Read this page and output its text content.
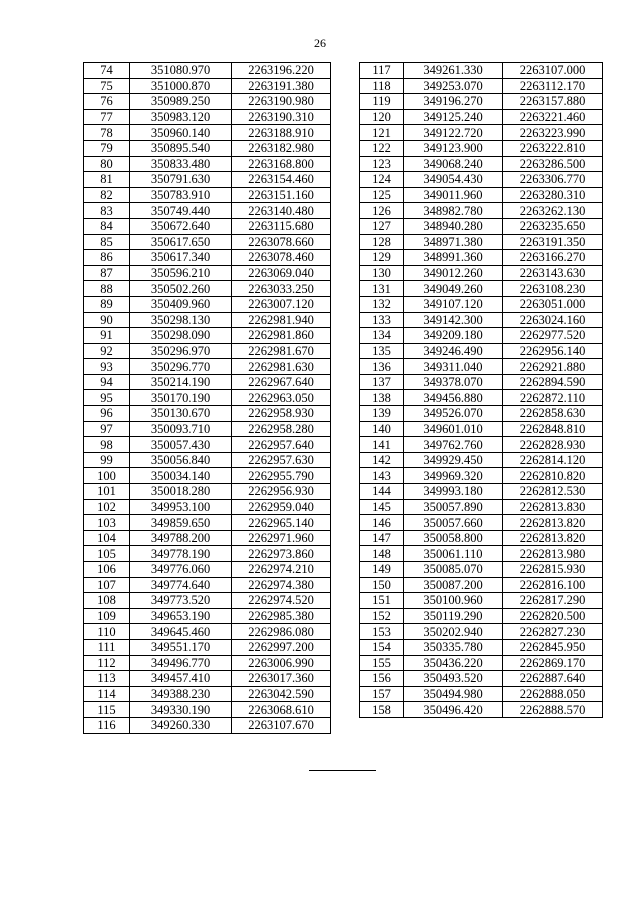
26
74	351080.970	2263196.220
75	351000.870	2263191.380
76	350989.250	2263190.980
77	350983.120	2263190.310
78	350960.140	2263188.910
79	350895.540	2263182.980
80	350833.480	2263168.800
81	350791.630	2263154.460
82	350783.910	2263151.160
83	350749.440	2263140.480
84	350672.640	2263115.680
85	350617.650	2263078.660
86	350617.340	2263078.460
87	350596.210	2263069.040
88	350502.260	2263033.250
89	350409.960	2263007.120
90	350298.130	2262981.940
91	350298.090	2262981.860
92	350296.970	2262981.670
93	350296.770	2262981.630
94	350214.190	2262967.640
95	350170.190	2262963.050
96	350130.670	2262958.930
97	350093.710	2262958.280
98	350057.430	2262957.640
99	350056.840	2262957.630
100	350034.140	2262955.790
101	350018.280	2262956.930
102	349953.100	2262959.040
103	349859.650	2262965.140
104	349788.200	2262971.960
105	349778.190	2262973.860
106	349776.060	2262974.210
107	349774.640	2262974.380
108	349773.520	2262974.520
109	349653.190	2262985.380
110	349645.460	2262986.080
111	349551.170	2262997.200
112	349496.770	2263006.990
113	349457.410	2263017.360
114	349388.230	2263042.590
115	349330.190	2263068.610
116	349260.330	2263107.670
117	349261.330	2263107.000
118	349253.070	2263112.170
119	349196.270	2263157.880
120	349125.240	2263221.460
121	349122.720	2263223.990
122	349123.900	2263222.810
123	349068.240	2263286.500
124	349054.430	2263306.770
125	349011.960	2263280.310
126	348982.780	2263262.130
127	348940.280	2263235.650
128	348971.380	2263191.350
129	348991.360	2263166.270
130	349012.260	2263143.630
131	349049.260	2263108.230
132	349107.120	2263051.000
133	349142.300	2263024.160
134	349209.180	2262977.520
135	349246.490	2262956.140
136	349311.040	2262921.880
137	349378.070	2262894.590
138	349456.880	2262872.110
139	349526.070	2262858.630
140	349601.010	2262848.810
141	349762.760	2262828.930
142	349929.450	2262814.120
143	349969.320	2262810.820
144	349993.180	2262812.530
145	350057.890	2262813.830
146	350057.660	2262813.820
147	350058.800	2262813.820
148	350061.110	2262813.980
149	350085.070	2262815.930
150	350087.200	2262816.100
151	350100.960	2262817.290
152	350119.290	2262820.500
153	350202.940	2262827.230
154	350335.780	2262845.950
155	350436.220	2262869.170
156	350493.520	2262887.640
157	350494.980	2262888.050
158	350496.420	2262888.570
